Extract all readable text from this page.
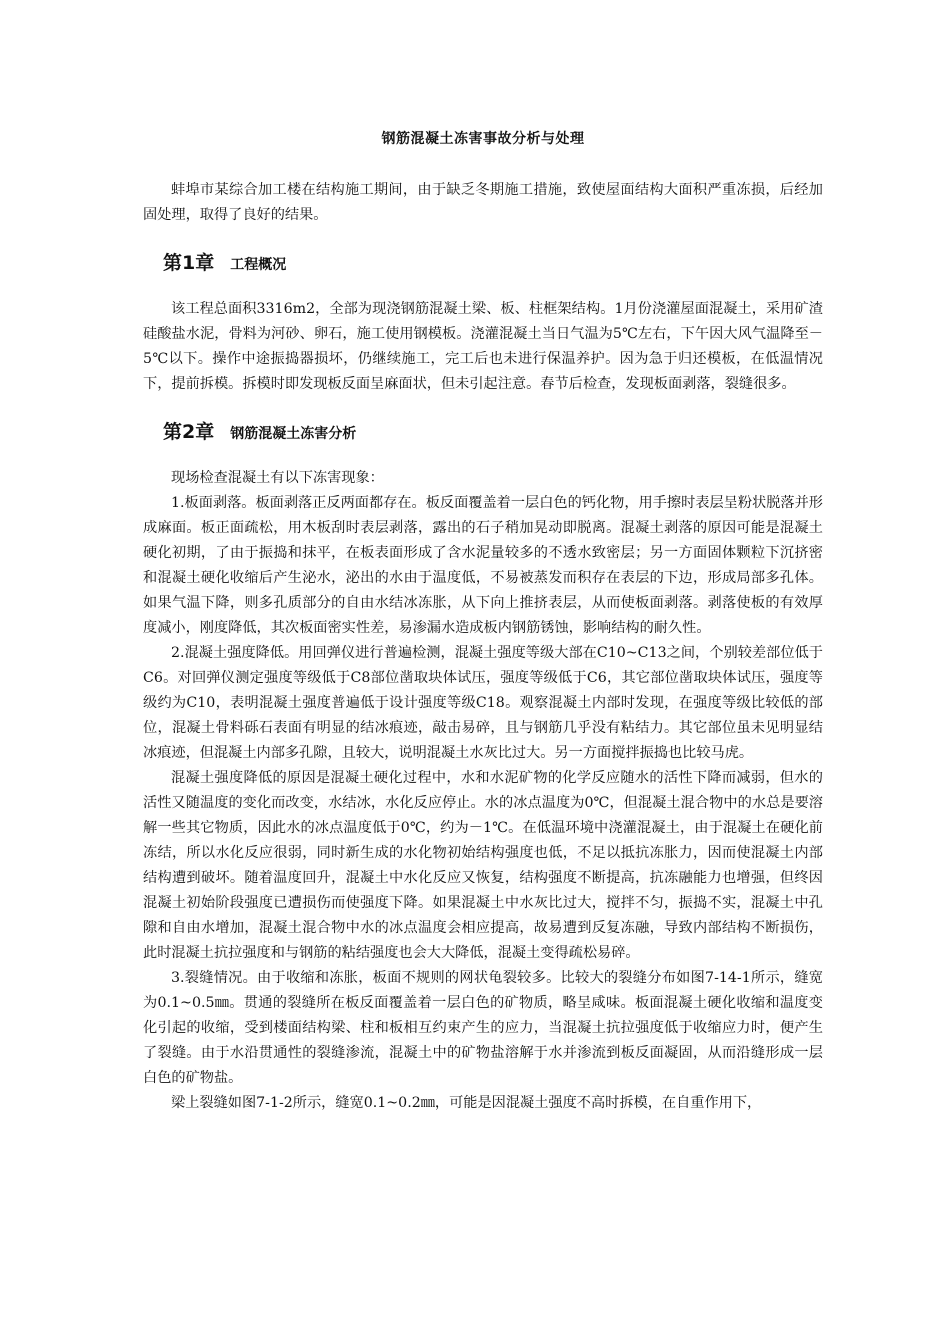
钢筋混凝土冻害事故分析与处理

蚌埠市某综合加工楼在结构施工期间，由于缺乏冬期施工措施，致使屋面结构大面积严重冻损，后经加固处理，取得了良好的结果。

第1章 工程概况

该工程总面积3316m2，全部为现浇钢筋混凝土梁、板、柱框架结构。1月份浇灌屋面混凝土，采用矿渣硅酸盐水泥，骨料为河砂、卵石，施工使用钢模板。浇灌混凝土当日气温为5℃左右，下午因大风气温降至－5℃以下。操作中途振捣器损坏，仍继续施工，完工后也未进行保温养护。因为急于归还模板，在低温情况下，提前拆模。拆模时即发现板反面呈麻面状，但未引起注意。春节后检查，发现板面剥落，裂缝很多。

第2章 钢筋混凝土冻害分析

现场检查混凝土有以下冻害现象：

1.板面剥落。板面剥落正反两面都存在。板反面覆盖着一层白色的钙化物，用手擦时表层呈粉状脱落并形成麻面。板正面疏松，用木板刮时表层剥落，露出的石子稍加晃动即脱离。混凝土剥落的原因可能是混凝土硬化初期，了由于振捣和抹平，在板表面形成了含水泥量较多的不透水致密层；另一方面固体颗粒下沉挤密和混凝土硬化收缩后产生泌水，泌出的水由于温度低，不易被蒸发而积存在表层的下边，形成局部多孔体。如果气温下降，则多孔质部分的自由水结冰冻胀，从下向上推挤表层，从而使板面剥落。剥落使板的有效厚度减小，刚度降低，其次板面密实性差，易渗漏水造成板内钢筋锈蚀，影响结构的耐久性。

2.混凝土强度降低。用回弹仪进行普遍检测，混凝土强度等级大部在C10~C13之间，个别较差部位低于C6。对回弹仪测定强度等级低于C8部位凿取块体试压，强度等级低于C6，其它部位凿取块体试压，强度等级约为C10，表明混凝土强度普遍低于设计强度等级C18。观察混凝土内部时发现，在强度等级比较低的部位，混凝土骨料砾石表面有明显的结冰痕迹，敲击易碎，且与钢筋几乎没有粘结力。其它部位虽未见明显结冰痕迹，但混凝土内部多孔隙，且较大，说明混凝土水灰比过大。另一方面搅拌振捣也比较马虎。

混凝土强度降低的原因是混凝土硬化过程中，水和水泥矿物的化学反应随水的活性下降而减弱，但水的活性又随温度的变化而改变，水结冰，水化反应停止。水的冰点温度为0℃，但混凝土混合物中的水总是要溶解一些其它物质，因此水的冰点温度低于0℃，约为－1℃。在低温环境中浇灌混凝土，由于混凝土在硬化前冻结，所以水化反应很弱，同时新生成的水化物初始结构强度也低，不足以抵抗冻胀力，因而使混凝土内部结构遭到破坏。随着温度回升，混凝土中水化反应又恢复，结构强度不断提高，抗冻融能力也增强，但终因混凝土初始阶段强度已遭损伤而使强度下降。如果混凝土中水灰比过大，搅拌不匀，振捣不实，混凝土中孔隙和自由水增加，混凝土混合物中水的冰点温度会相应提高，故易遭到反复冻融，导致内部结构不断损伤，此时混凝土抗拉强度和与钢筋的粘结强度也会大大降低，混凝土变得疏松易碎。

3.裂缝情况。由于收缩和冻胀，板面不规则的网状龟裂较多。比较大的裂缝分布如图7-14-1所示，缝宽为0.1~0.5㎜。贯通的裂缝所在板反面覆盖着一层白色的矿物质，略呈咸味。板面混凝土硬化收缩和温度变化引起的收缩，受到楼面结构梁、柱和板相互约束产生的应力，当混凝土抗拉强度低于收缩应力时，便产生了裂缝。由于水沿贯通性的裂缝渗流，混凝土中的矿物盐溶解于水并渗流到板反面凝固，从而沿缝形成一层白色的矿物盐。

梁上裂缝如图7-1-2所示，缝宽0.1~0.2㎜，可能是因混凝土强度不高时拆模，在自重作用下，
